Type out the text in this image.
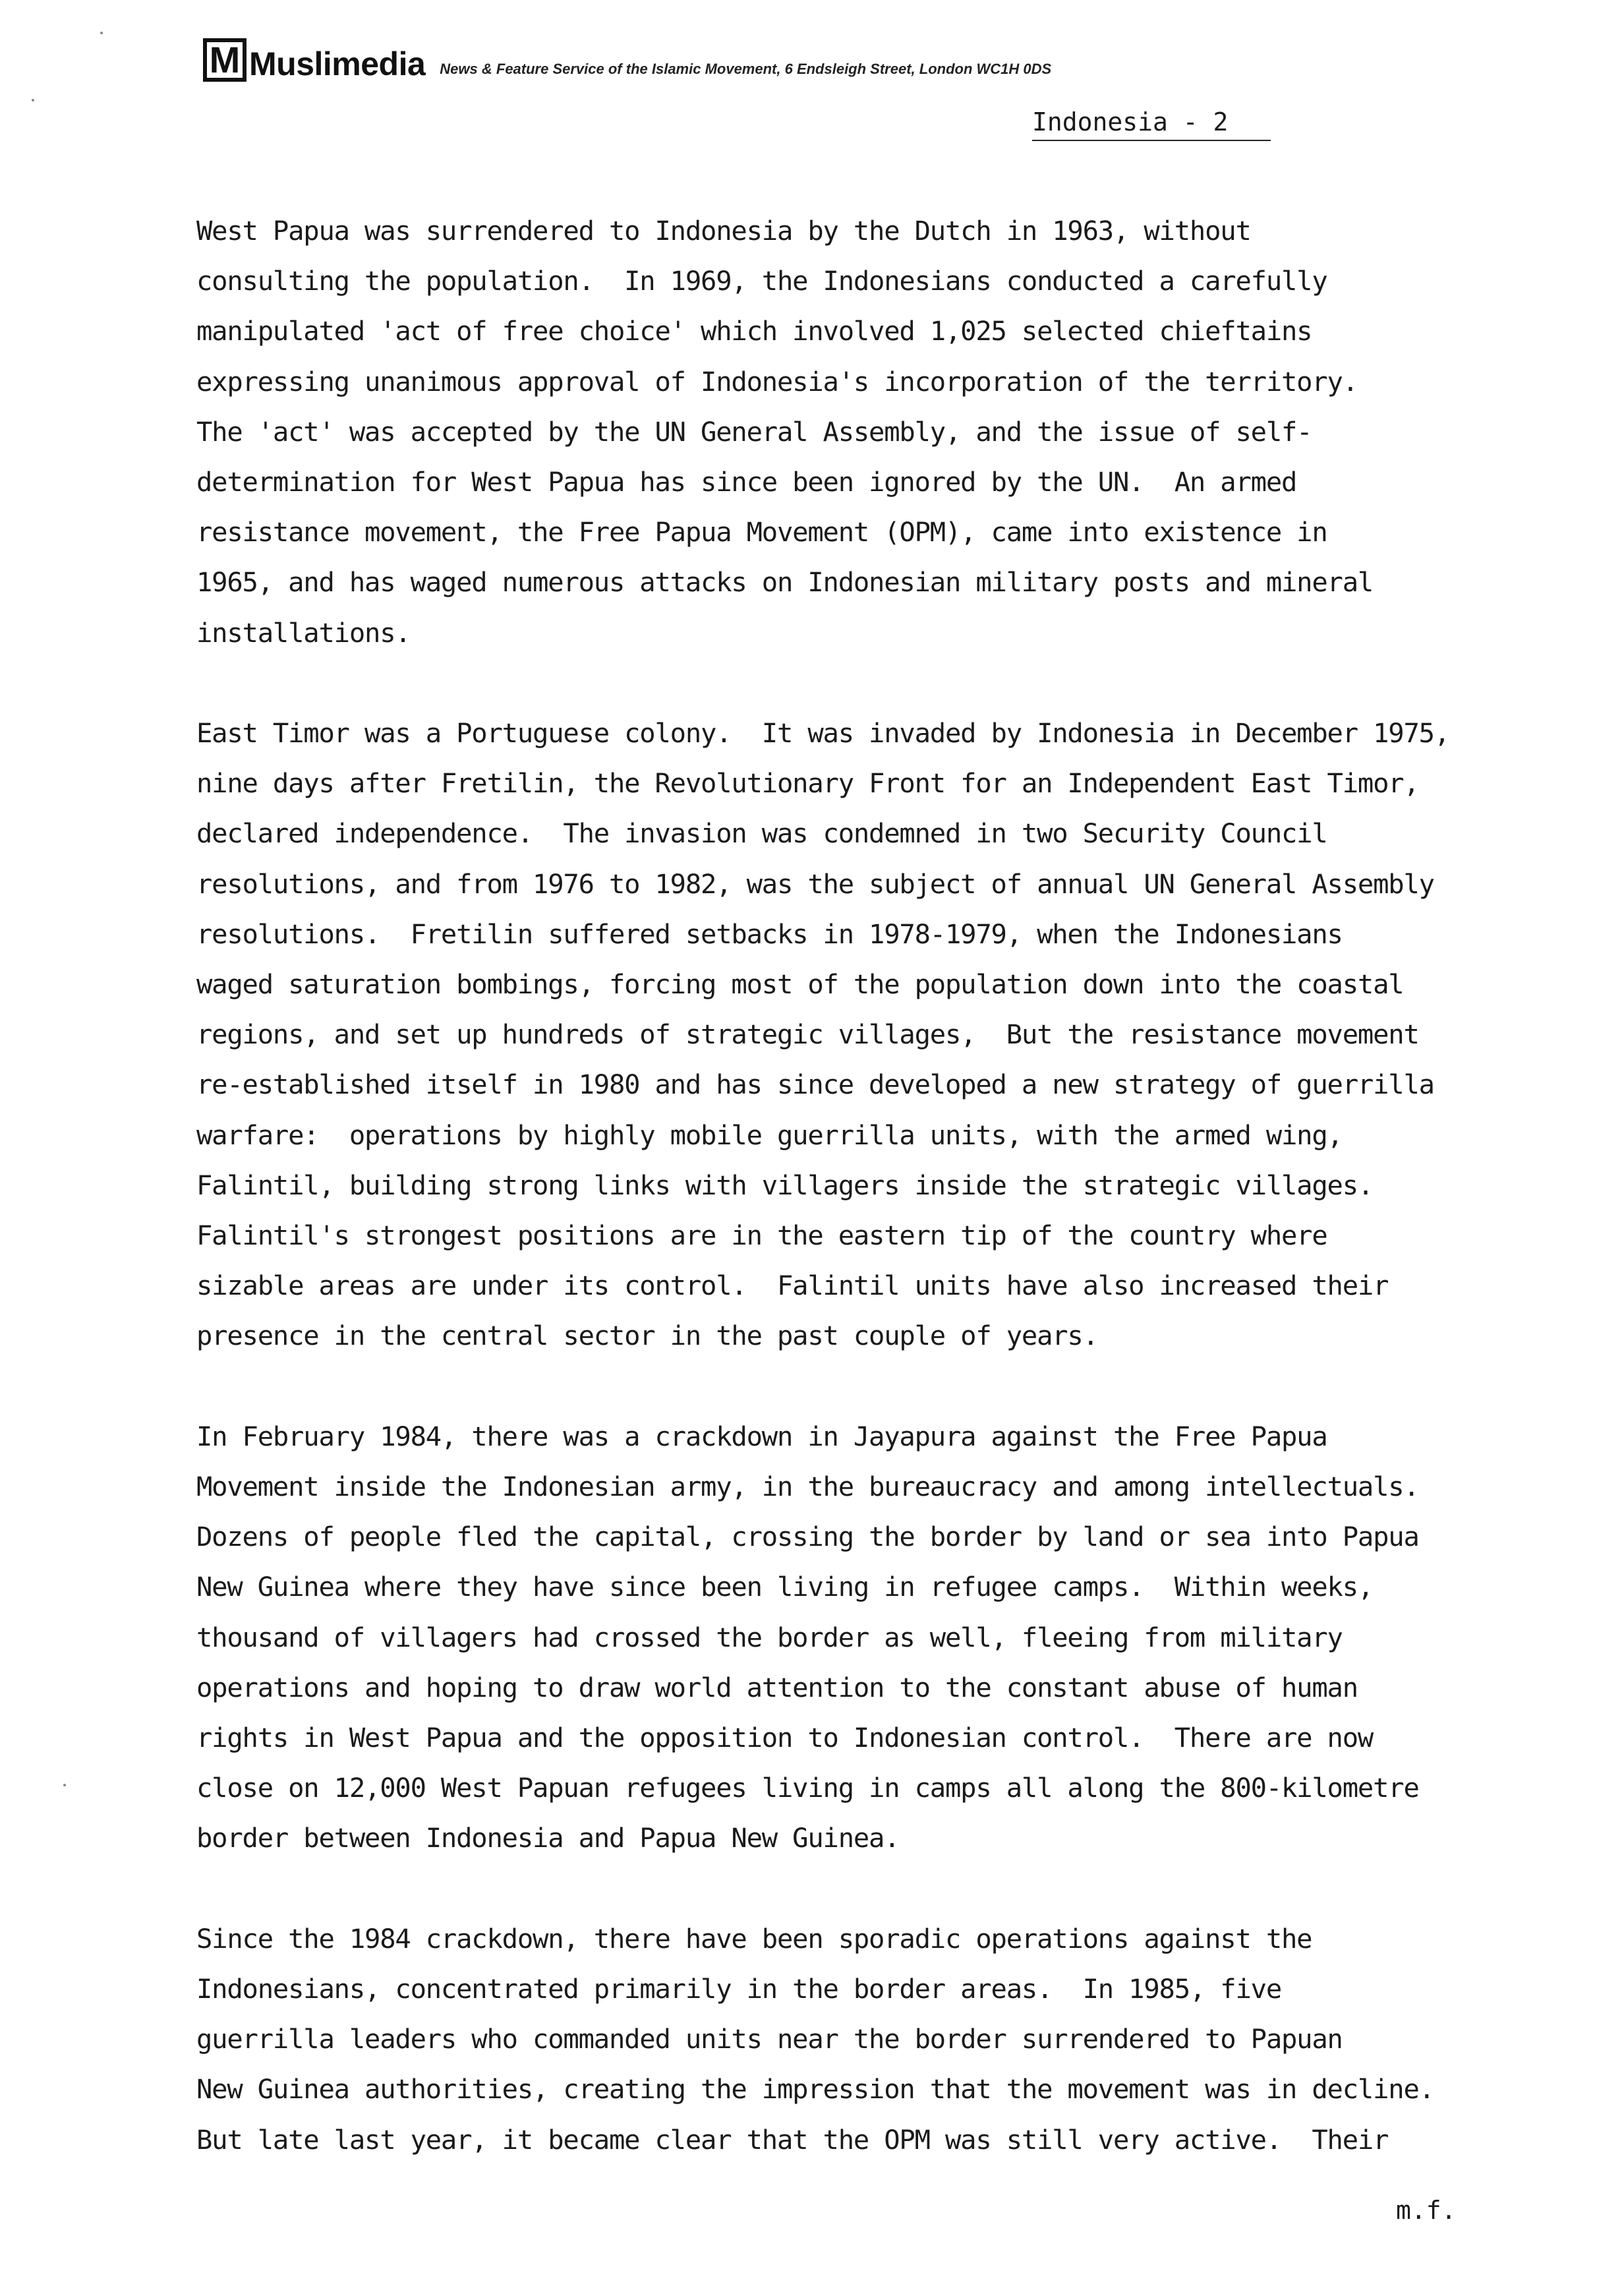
M Muslimedia News & Feature Service of the Islamic Movement, 6 Endsleigh Street, London WC1H 0DS
Indonesia - 2
West Papua was surrendered to Indonesia by the Dutch in 1963, without
consulting the population.  In 1969, the Indonesians conducted a carefully
manipulated 'act of free choice' which involved 1,025 selected chieftains
expressing unanimous approval of Indonesia's incorporation of the territory.
The 'act' was accepted by the UN General Assembly, and the issue of self-
determination for West Papua has since been ignored by the UN.  An armed
resistance movement, the Free Papua Movement (OPM), came into existence in
1965, and has waged numerous attacks on Indonesian military posts and mineral
installations.
East Timor was a Portuguese colony.  It was invaded by Indonesia in December 1975,
nine days after Fretilin, the Revolutionary Front for an Independent East Timor,
declared independence.  The invasion was condemned in two Security Council
resolutions, and from 1976 to 1982, was the subject of annual UN General Assembly
resolutions.  Fretilin suffered setbacks in 1978-1979, when the Indonesians
waged saturation bombings, forcing most of the population down into the coastal
regions, and set up hundreds of strategic villages,  But the resistance movement
re-established itself in 1980 and has since developed a new strategy of guerrilla
warfare:  operations by highly mobile guerrilla units, with the armed wing,
Falintil, building strong links with villagers inside the strategic villages.
Falintil's strongest positions are in the eastern tip of the country where
sizable areas are under its control.  Falintil units have also increased their
presence in the central sector in the past couple of years.
In February 1984, there was a crackdown in Jayapura against the Free Papua
Movement inside the Indonesian army, in the bureaucracy and among intellectuals.
Dozens of people fled the capital, crossing the border by land or sea into Papua
New Guinea where they have since been living in refugee camps.  Within weeks,
thousand of villagers had crossed the border as well, fleeing from military
operations and hoping to draw world attention to the constant abuse of human
rights in West Papua and the opposition to Indonesian control.  There are now
close on 12,000 West Papuan refugees living in camps all along the 800-kilometre
border between Indonesia and Papua New Guinea.
Since the 1984 crackdown, there have been sporadic operations against the
Indonesians, concentrated primarily in the border areas.  In 1985, five
guerrilla leaders who commanded units near the border surrendered to Papuan
New Guinea authorities, creating the impression that the movement was in decline.
But late last year, it became clear that the OPM was still very active.  Their
m.f.
